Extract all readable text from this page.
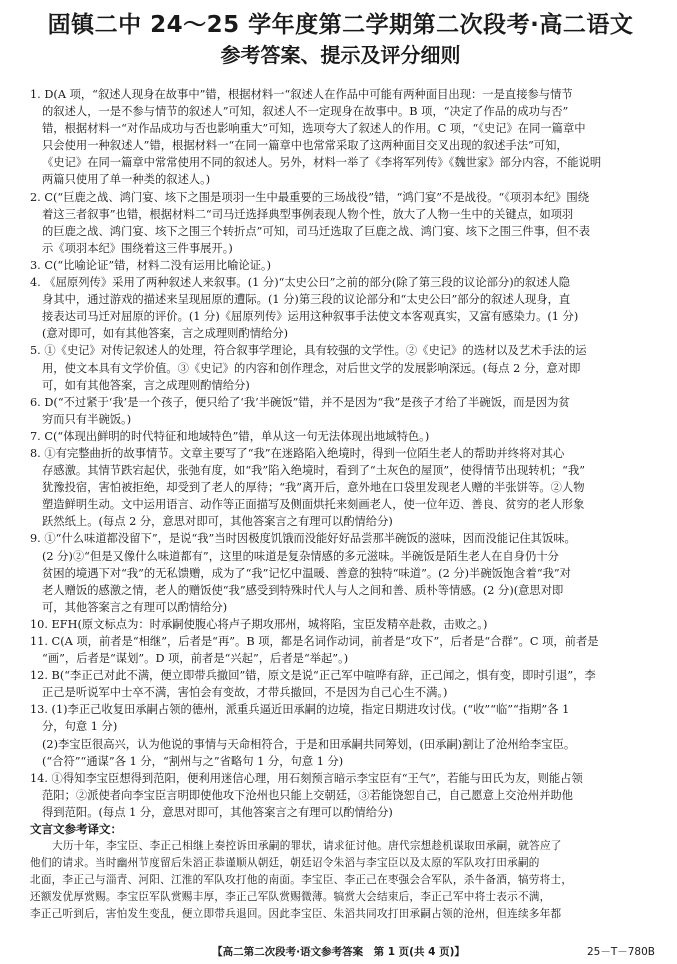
固镇二中 24～25 学年度第二学期第二次段考·高二语文
参考答案、提示及评分细则
1. D(A 项，“叙述人现身在故事中”错，根据材料一“叙述人在作品中可能有两种面目出现：一是直接参与情节
的叙述人，一是不参与情节的叙述人”可知，叙述人不一定现身在故事中。B 项，“决定了作品的成功与否”
错，根据材料一“对作品成功与否也影响重大”可知，选项夸大了叙述人的作用。C 项，“《史记》在同一篇章中
只会使用一种叙述人”错，根据材料一“在同一篇章中也常常采取了这两种面目交叉出现的叙述手法”可知，
《史记》在同一篇章中常常使用不同的叙述人。另外，材料一举了《李将军列传》《魏世家》部分内容，不能说明
两篇只使用了单一种类的叙述人。)
2. C(“巨鹿之战、鸿门宴、垓下之围是项羽一生中最重要的三场战役”错，“鸿门宴”不是战役。“《项羽本纪》围绕
着这三者叙事”也错，根据材料二“司马迁选择典型事例表现人物个性，放大了人物一生中的关键点，如项羽
的巨鹿之战、鸿门宴、垓下之围三个转折点”可知，司马迁选取了巨鹿之战、鸿门宴、垓下之围三件事，但不表
示《项羽本纪》围绕着这三件事展开。)
3. C(“比喻论证”错，材料二没有运用比喻论证。)
4. 《屈原列传》采用了两种叙述人来叙事。(1 分)“太史公曰”之前的部分(除了第三段的议论部分)的叙述人隐
身其中，通过游戏的描述来呈现屈原的遭际。(1 分)第三段的议论部分和“太史公曰”部分的叙述人现身，直
接表达司马迁对屈原的评价。(1 分)《屈原列传》运用这种叙事手法使文本客观真实，又富有感染力。(1 分)
(意对即可，如有其他答案，言之成理则酌情给分)
5. ①《史记》对传记叙述人的处理，符合叙事学理论，具有较强的文学性。②《史记》的选材以及艺术手法的运
用，使文本具有文学价值。③《史记》的内容和创作理念，对后世文学的发展影响深远。(每点 2 分，意对即
可，如有其他答案，言之成理则酌情给分)
6. D(“不过紧于‘我’是一个孩子，便只给了‘我’半碗饭”错，并不是因为“我”是孩子才给了半碗饭，而是因为贫
穷而只有半碗饭。)
7. C(“体现出鲜明的时代特征和地域特色”错，单从这一句无法体现出地域特色。)
8. ①有完整曲折的故事情节。文章主要写了“我”在迷路陷入绝境时，得到一位陌生老人的帮助并终将对其心
存感激。其情节跌宕起伏，张弛有度，如“我”陷入绝境时，看到了“土灰色的屋顶”，使得情节出现转机；“我”
犹豫投宿，害怕被拒绝，却受到了老人的厚待；“我”离开后，意外地在口袋里发现老人赠的半张饼等。②人物
塑造鲜明生动。文中运用语言、动作等正面描写及侧面烘托来刻画老人，使一位年迈、善良、贫穷的老人形象
跃然纸上。(每点 2 分，意思对即可，其他答案言之有理可以酌情给分)
9. ①“什么味道都没留下”，是说“我”当时因极度饥饿而没能好好品尝那半碗饭的滋味，因而没能记住其饭味。
(2 分)②“但是又像什么味道都有”，这里的味道是复杂情感的多元滋味。半碗饭是陌生老人在自身仍十分
贫困的境遇下对“我”的无私馈赠，成为了“我”记忆中温暖、善意的独特“味道”。(2 分)半碗饭饱含着“我”对
老人赠饭的感激之情，老人的赠饭使“我”感受到特殊时代人与人之间和善、质朴等情感。(2 分)(意思对即
可，其他答案言之有理可以酌情给分)
10. EFH(原文标点为：时承嗣使腹心将卢子期攻邢州，城将陷，宝臣发精卒赴救，击败之。)
11. C(A 项，前者是“相继”，后者是“再”。B 项，都是名词作动词，前者是“攻下”，后者是“合群”。C 项，前者是
“画”，后者是“谋划”。D 项，前者是“兴起”，后者是“举起”。)
12. B(“李正己对此不满，便立即带兵撤回”错，原文是说“正己军中喧哗有辞，正己闻之，惧有变，即时引退”，李
正己是听说军中士卒不满，害怕会有变故，才带兵撤回，不是因为自己心生不满。)
13. (1)李正己收复田承嗣占领的德州，派重兵逼近田承嗣的边境，指定日期进攻讨伐。(“收”“临”“指期”各 1
分，句意 1 分)
(2)李宝臣很高兴，认为他说的事情与天命相符合，于是和田承嗣共同筹划，(田承嗣)割让了沧州给李宝臣。
(“合符”“通谋”各 1 分，“割州与之”省略句 1 分，句意 1 分)
14. ①得知李宝臣想得到范阳，便利用迷信心理，用石刻预言暗示李宝臣有“王气”，若能与田氏为友，则能占领
范阳；②派使者向李宝臣言明即使他攻下沧州也只能上交朝廷，③若能饶恕自己，自己愿意上交沧州并助他
得到范阳。(每点 1 分，意思对即可，其他答案言之有理可以酌情给分)
文言文参考译文：
大历十年，李宝臣、李正己相继上奏控诉田承嗣的罪状，请求征讨他。唐代宗想趁机谋取田承嗣，就答应了
他们的请求。当时幽州节度留后朱滔正恭谨顺从朝廷，朝廷诏令朱滔与李宝臣以及太原的军队攻打田承嗣的
北面，李正己与淄青、河阳、江淮的军队攻打他的南面。李宝臣、李正己在枣强会合军队，杀牛备酒，犒劳将士，
还额发优厚赏赐。李宝臣军队赏赐丰厚，李正己军队赏赐微薄。犒赏大会结束后，李正己军中将士表示不满，
李正己听到后，害怕发生变乱，便立即带兵退回。因此李宝臣、朱滔共同攻打田承嗣占领的沧州，但连续多年都
【高二第二次段考·语文参考答案　第 1 页(共 4 页)】	25－T－780B
